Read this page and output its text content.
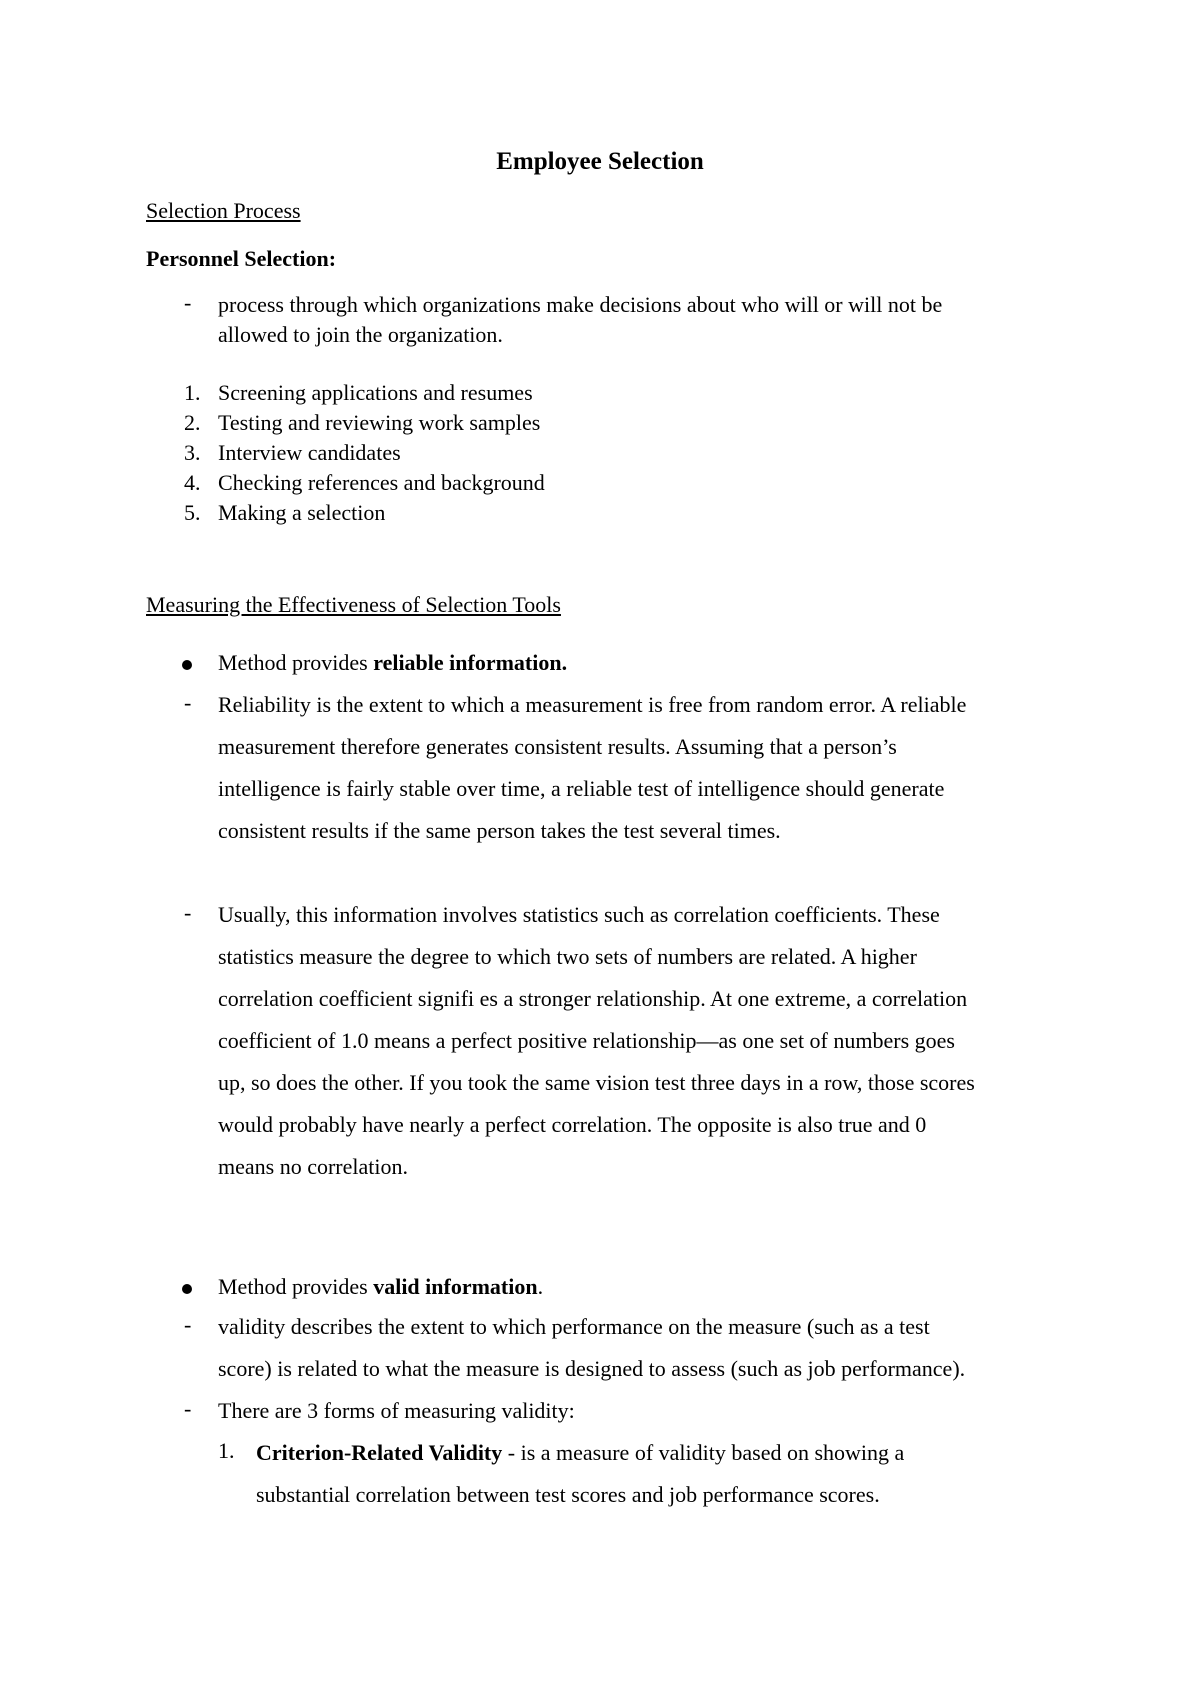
Employee Selection
Selection Process
Personnel Selection:
- process through which organizations make decisions about who will or will not be
allowed to join the organization.
1. Screening applications and resumes
2. Testing and reviewing work samples
3. Interview candidates
4. Checking references and background
5. Making a selection
Measuring the Effectiveness of Selection Tools
Method provides reliable information.
- Reliability is the extent to which a measurement is free from random error. A reliable
measurement therefore generates consistent results. Assuming that a person’s
intelligence is fairly stable over time, a reliable test of intelligence should generate
consistent results if the same person takes the test several times.
- Usually, this information involves statistics such as correlation coefficients. These
statistics measure the degree to which two sets of numbers are related. A higher
correlation coefficient signifi es a stronger relationship. At one extreme, a correlation
coefficient of 1.0 means a perfect positive relationship—as one set of numbers goes
up, so does the other. If you took the same vision test three days in a row, those scores
would probably have nearly a perfect correlation. The opposite is also true and 0
means no correlation.
Method provides valid information.
- validity describes the extent to which performance on the measure (such as a test
score) is related to what the measure is designed to assess (such as job performance).
- There are 3 forms of measuring validity:
1. Criterion-Related Validity - is a measure of validity based on showing a
substantial correlation between test scores and job performance scores.
